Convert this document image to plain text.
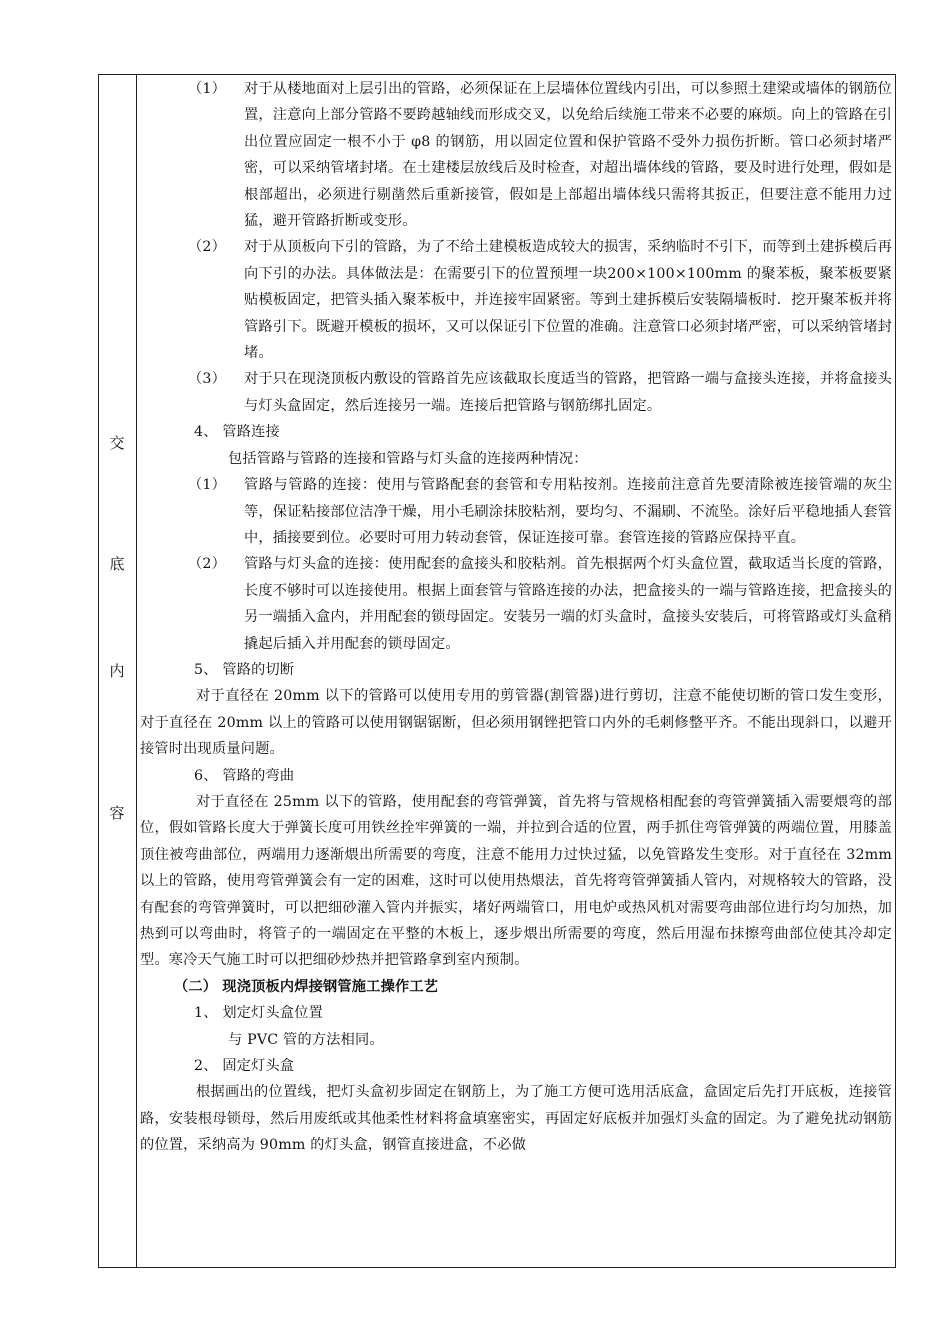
交
底
内
容
（1） 对于从楼地面对上层引出的管路，必须保证在上层墙体位置线内引出，可以参照土建梁或墙体的钢筋位置，注意向上部分管路不要跨越轴线而形成交叉，以免给后续施工带来不必要的麻烦。向上的管路在引出位置应固定一根不小于 φ8 的钢筋，用以固定位置和保护管路不受外力损伤折断。管口必须封堵严密，可以采纳管堵封堵。在土建楼层放线后及时检查，对超出墙体线的管路，要及时进行处理，假如是根部超出，必须进行剔凿然后重新接管，假如是上部超出墙体线只需将其扳正，但要注意不能用力过猛，避开管路折断或变形。

（2） 对于从顶板向下引的管路，为了不给土建模板造成较大的损害，采纳临时不引下，而等到土建拆模后再向下引的办法。具体做法是：在需要引下的位置预埋一块200×100×100mm 的聚苯板，聚苯板要紧贴模板固定，把管头插入聚苯板中，并连接牢固紧密。等到土建拆模后安装隔墙板时．挖开聚苯板并将管路引下。既避开模板的损坏，又可以保证引下位置的准确。注意管口必须封堵严密，可以采纳管堵封堵。

（3） 对于只在现浇顶板内敷设的管路首先应该截取长度适当的管路，把管路一端与盒接头连接，并将盒接头与灯头盒固定，然后连接另一端。连接后把管路与钢筋绑扎固定。

4、 管路连接

包括管路与管路的连接和管路与灯头盒的连接两种情况：

（1） 管路与管路的连接：使用与管路配套的套管和专用粘按剂。连接前注意首先要清除被连接管端的灰尘等，保证粘接部位洁净干燥，用小毛刷涂抹胶粘剂，要均匀、不漏刷、不流坠。涂好后平稳地插人套管中，插接要到位。必要时可用力转动套管，保证连接可靠。套管连接的管路应保持平直。

（2） 管路与灯头盒的连接：使用配套的盒接头和胶粘剂。首先根据两个灯头盒位置，截取适当长度的管路，长度不够时可以连接使用。根据上面套管与管路连接的办法，把盒接头的一端与管路连接，把盒接头的另一端插入盒内，并用配套的锁母固定。安装另一端的灯头盒时，盒接头安装后，可将管路或灯头盒稍撬起后插入并用配套的锁母固定。

5、 管路的切断

对于直径在 20mm 以下的管路可以使用专用的剪管器(割管器)进行剪切，注意不能使切断的管口发生变形，对于直径在 20mm 以上的管路可以使用钢锯锯断，但必须用钢锉把管口内外的毛刺修整平齐。不能出现斜口，以避开接管时出现质量问题。

6、 管路的弯曲

对于直径在 25mm 以下的管路，使用配套的弯管弹簧，首先将与管规格相配套的弯管弹簧插入需要煨弯的部位，假如管路长度大于弹簧长度可用铁丝拴牢弹簧的一端，并拉到合适的位置，两手抓住弯管弹簧的两端位置，用膝盖顶住被弯曲部位，两端用力逐渐煨出所需要的弯度，注意不能用力过快过猛，以免管路发生变形。对于直径在 32mm 以上的管路，使用弯管弹簧会有一定的困难，这时可以使用热煨法，首先将弯管弹簧插人管内，对规格较大的管路，没有配套的弯管弹簧时，可以把细砂灌入管内并振实，堵好两端管口，用电炉或热风机对需要弯曲部位进行均匀加热，加热到可以弯曲时，将管子的一端固定在平整的木板上，逐步煨出所需要的弯度，然后用湿布抹擦弯曲部位使其冷却定型。寒冷天气施工时可以把细砂炒热并把管路拿到室内预制。

（二） 现浇顶板内焊接钢管施工操作工艺

1、 划定灯头盒位置

与 PVC 管的方法相同。

2、 固定灯头盒

根据画出的位置线，把灯头盒初步固定在钢筋上，为了施工方便可选用活底盒，盒固定后先打开底板，连接管路，安装根母锁母，然后用废纸或其他柔性材料将盒填塞密实，再固定好底板并加强灯头盒的固定。为了避免扰动钢筋的位置，采纳高为 90mm 的灯头盒，钢管直接进盒，不必做
